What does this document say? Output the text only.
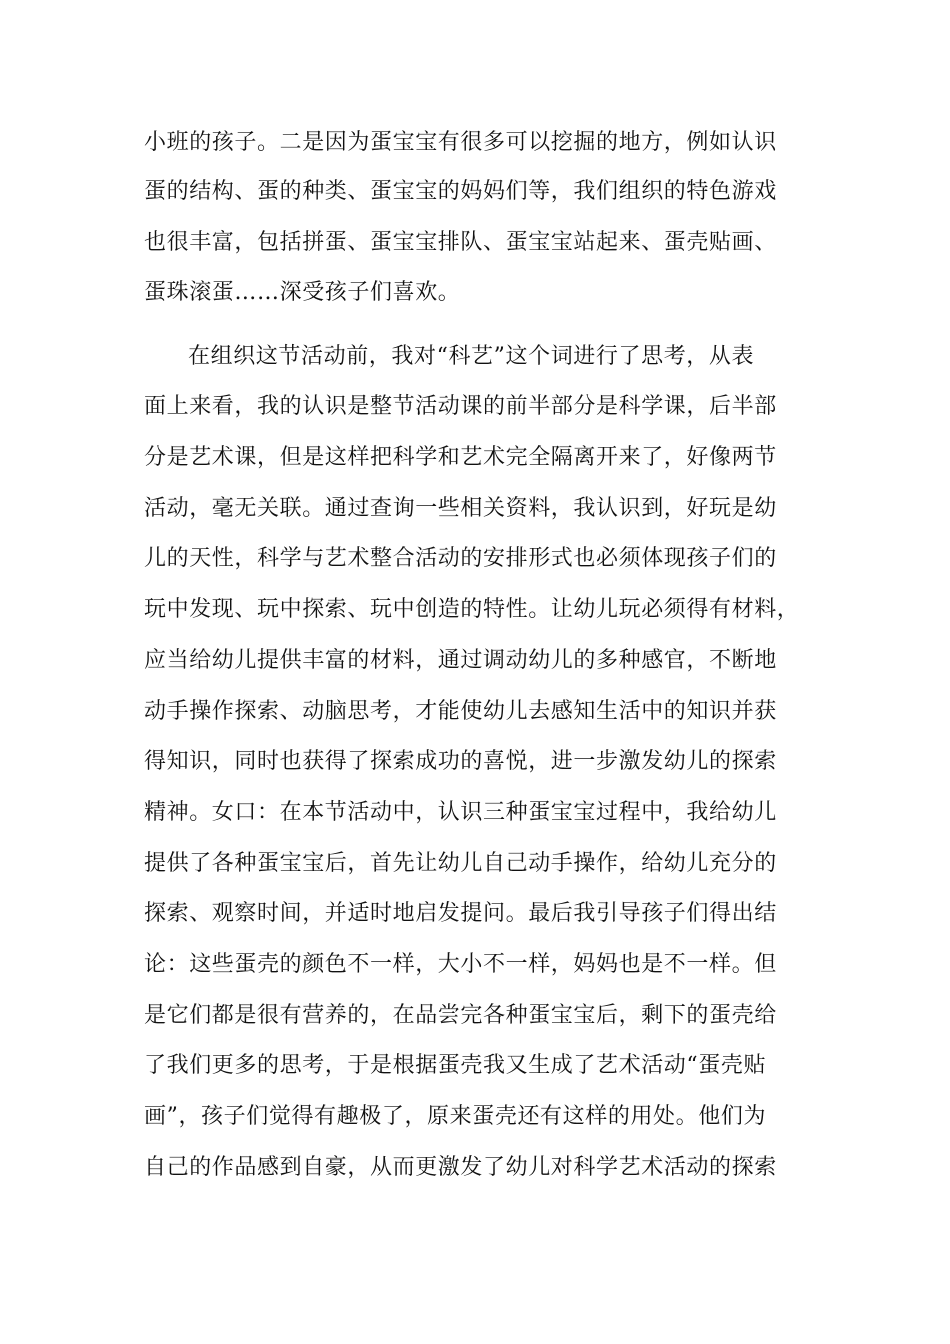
小班的孩子。二是因为蛋宝宝有很多可以挖掘的地方，例如认识
蛋的结构、蛋的种类、蛋宝宝的妈妈们等，我们组织的特色游戏
也很丰富，包括拼蛋、蛋宝宝排队、蛋宝宝站起来、蛋壳贴画、
蛋珠滚蛋……深受孩子们喜欢。
在组织这节活动前，我对“科艺”这个词进行了思考，从表
面上来看，我的认识是整节活动课的前半部分是科学课，后半部
分是艺术课，但是这样把科学和艺术完全隔离开来了，好像两节
活动，毫无关联。通过查询一些相关资料，我认识到，好玩是幼
儿的天性，科学与艺术整合活动的安排形式也必须体现孩子们的
玩中发现、玩中探索、玩中创造的特性。让幼儿玩必须得有材料，
应当给幼儿提供丰富的材料，通过调动幼儿的多种感官，不断地
动手操作探索、动脑思考，才能使幼儿去感知生活中的知识并获
得知识，同时也获得了探索成功的喜悦，进一步激发幼儿的探索
精神。女口：在本节活动中，认识三种蛋宝宝过程中，我给幼儿
提供了各种蛋宝宝后，首先让幼儿自己动手操作，给幼儿充分的
探索、观察时间，并适时地启发提问。最后我引导孩子们得出结
论：这些蛋壳的颜色不一样，大小不一样，妈妈也是不一样。但
是它们都是很有营养的，在品尝完各种蛋宝宝后，剩下的蛋壳给
了我们更多的思考，于是根据蛋壳我又生成了艺术活动“蛋壳贴
画”，孩子们觉得有趣极了，原来蛋壳还有这样的用处。他们为
自己的作品感到自豪，从而更激发了幼儿对科学艺术活动的探索
